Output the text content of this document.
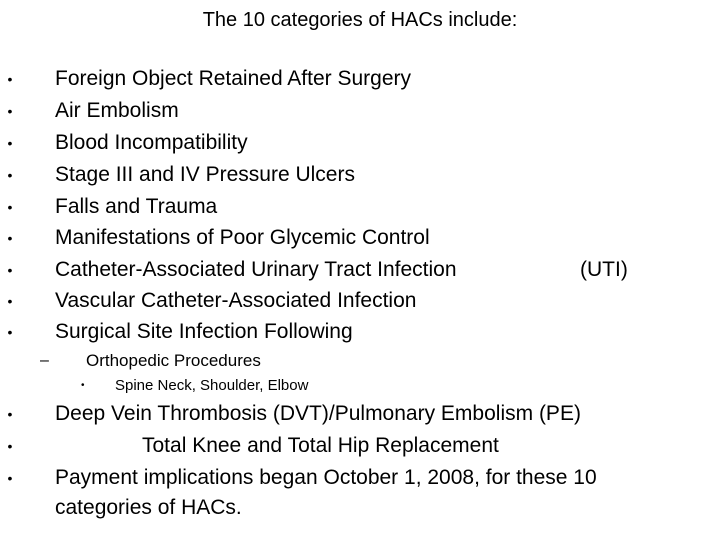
The 10 categories of HACs include:
• Foreign Object Retained After Surgery
• Air Embolism
• Blood Incompatibility
• Stage III and IV Pressure Ulcers
• Falls and Trauma
• Manifestations of Poor Glycemic Control
• Catheter-Associated Urinary Tract Infection	(UTI)
• Vascular Catheter-Associated Infection
• Surgical Site Infection Following
– Orthopedic Procedures
• Spine Neck, Shoulder, Elbow
• Deep Vein Thrombosis (DVT)/Pulmonary Embolism (PE)
•	Total Knee and Total Hip Replacement
• Payment implications began October 1, 2008, for these 10 categories of HACs.
